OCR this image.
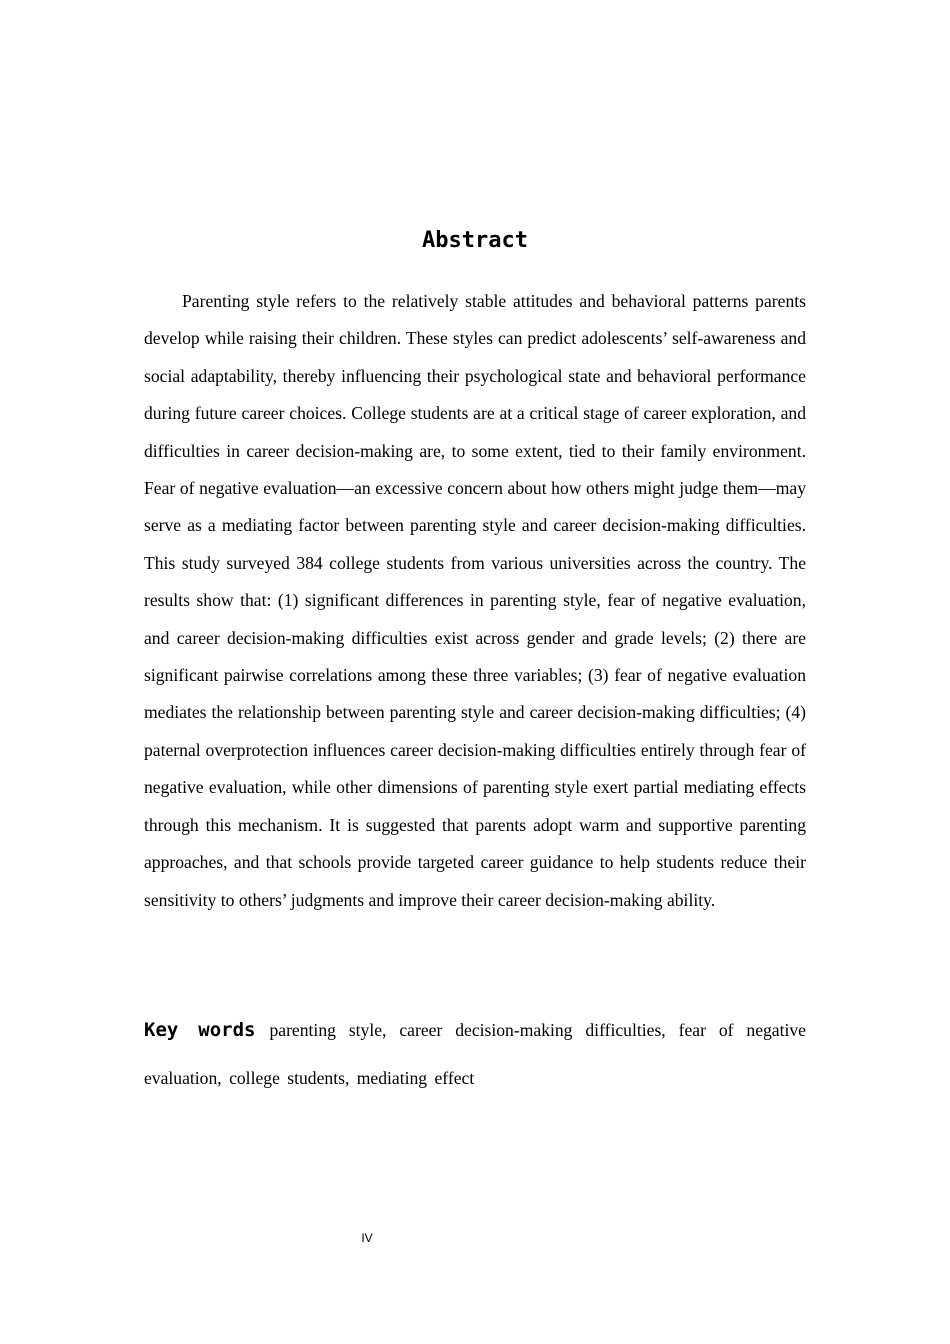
Abstract

Parenting style refers to the relatively stable attitudes and behavioral patterns parents develop while raising their children. These styles can predict adolescents’ self-awareness and social adaptability, thereby influencing their psychological state and behavioral performance during future career choices. College students are at a critical stage of career exploration, and difficulties in career decision-making are, to some extent, tied to their family environment. Fear of negative evaluation—an excessive concern about how others might judge them—may serve as a mediating factor between parenting style and career decision-making difficulties. This study surveyed 384 college students from various universities across the country. The results show that: (1) significant differences in parenting style, fear of negative evaluation, and career decision-making difficulties exist across gender and grade levels; (2) there are significant pairwise correlations among these three variables; (3) fear of negative evaluation mediates the relationship between parenting style and career decision-making difficulties; (4) paternal overprotection influences career decision-making difficulties entirely through fear of negative evaluation, while other dimensions of parenting style exert partial mediating effects through this mechanism. It is suggested that parents adopt warm and supportive parenting approaches, and that schools provide targeted career guidance to help students reduce their sensitivity to others’ judgments and improve their career decision-making ability.

Key words parenting style, career decision-making difficulties, fear of negative evaluation, college students, mediating effect

IV
